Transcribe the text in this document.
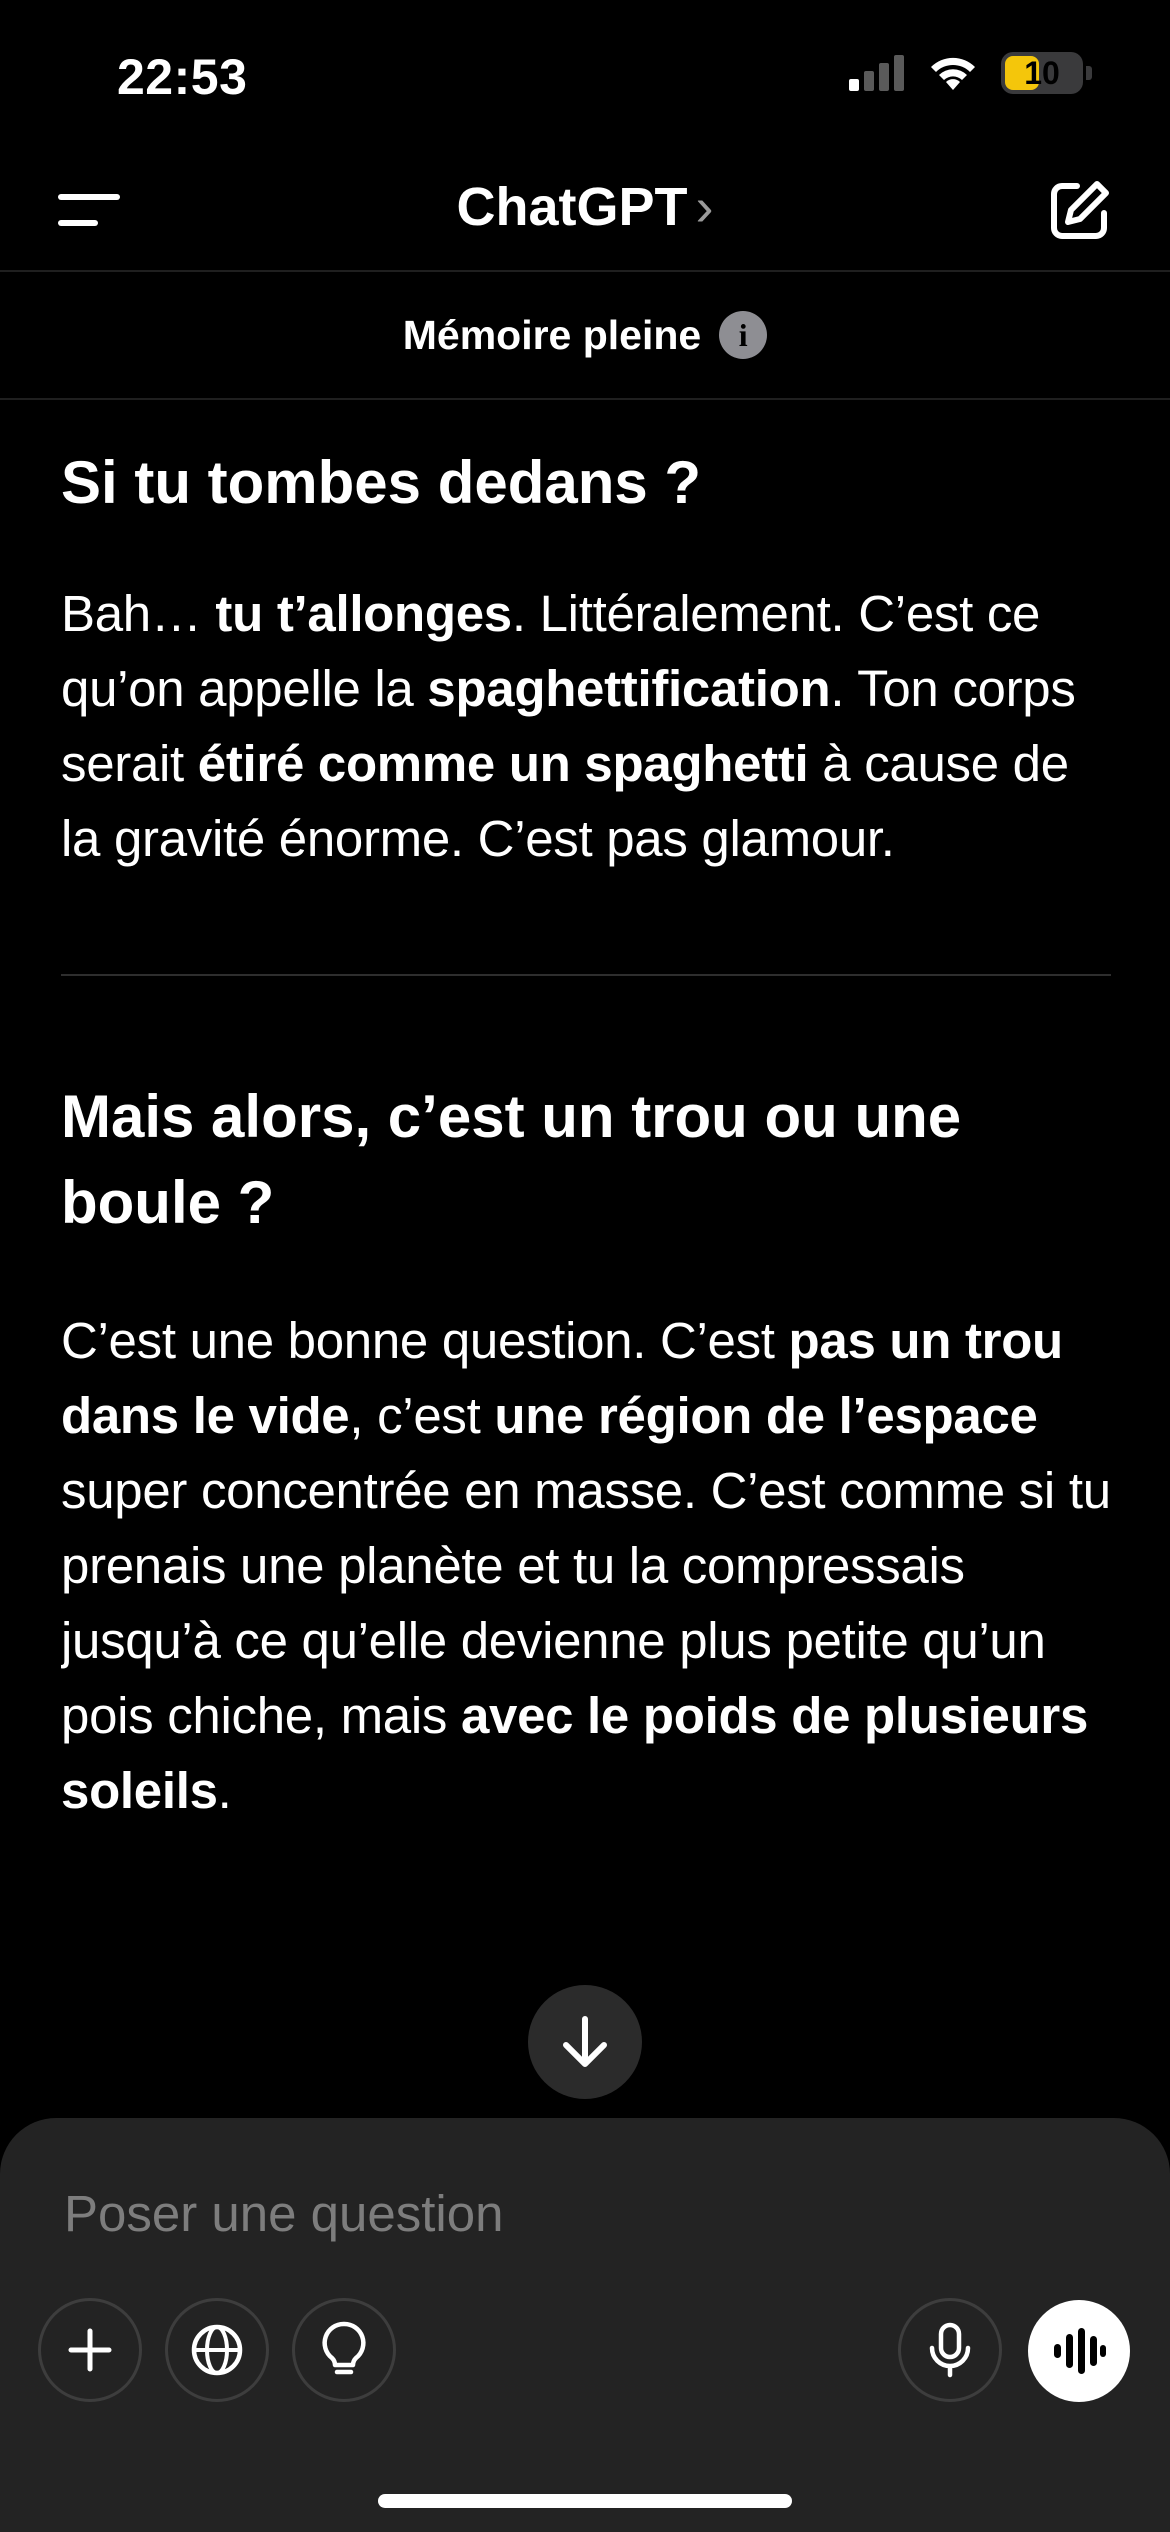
22:53	10
ChatGPT ›
Mémoire pleine	i
Si tu tombes dedans ?

Bah… tu t’allonges. Littéralement. C’est ce qu’on appelle la spaghettification. Ton corps serait étiré comme un spaghetti à cause de la gravité énorme. C’est pas glamour.

Mais alors, c’est un trou ou une boule ?

C’est une bonne question. C’est pas un trou dans le vide, c’est une région de l’espace super concentrée en masse. C’est comme si tu prenais une planète et tu la compressais jusqu’à ce qu’elle devienne plus petite qu’un pois chiche, mais avec le poids de plusieurs soleils.

Poser une question
